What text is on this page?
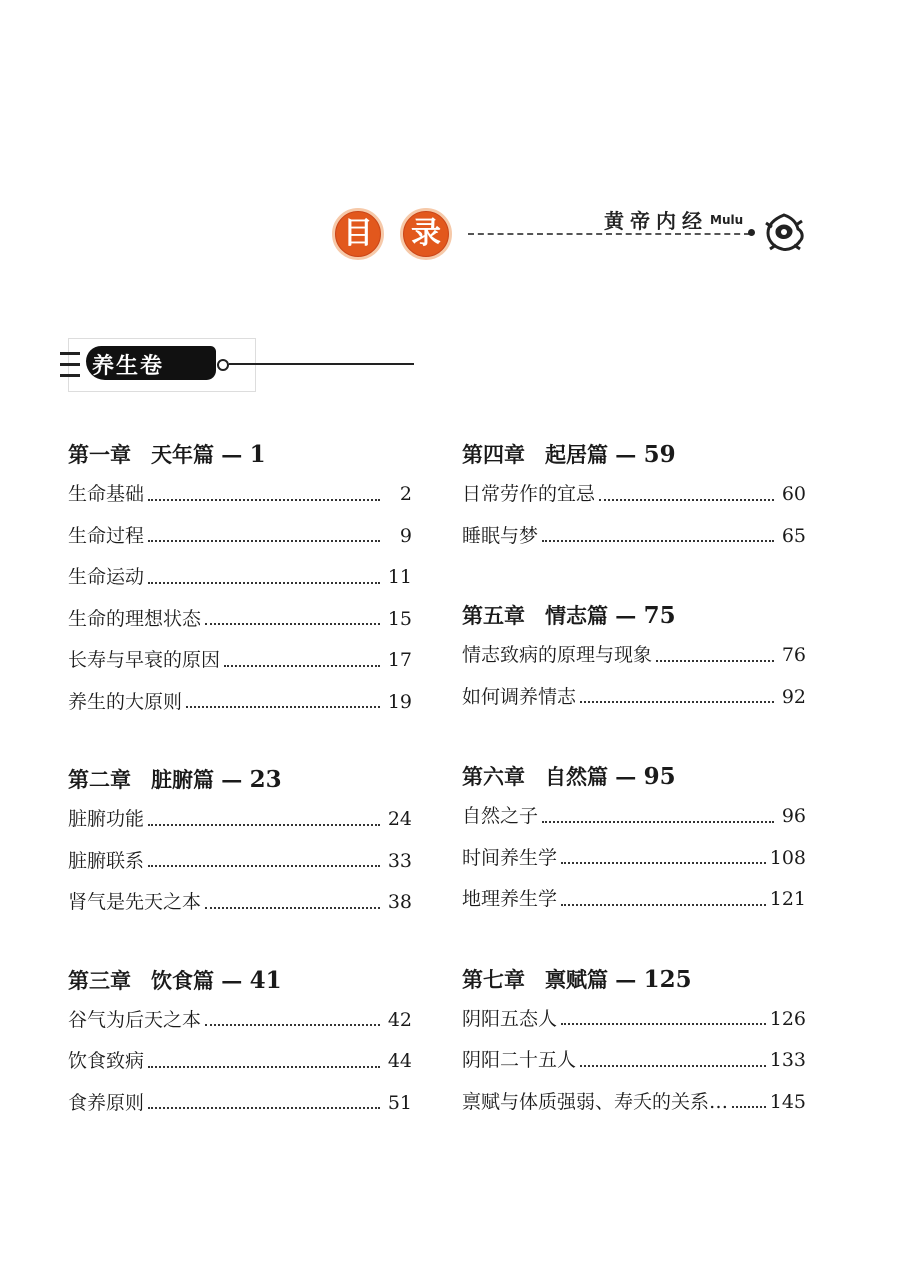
目	录	黄帝内经 Mulu
养生卷
第一章 天年篇 — 1
生命基础	2
生命过程	9
生命运动	11
生命的理想状态	15
长寿与早衰的原因	17
养生的大原则	19
第二章 脏腑篇 — 23
脏腑功能	24
脏腑联系	33
肾气是先天之本	38
第三章 饮食篇 — 41
谷气为后天之本	42
饮食致病	44
食养原则	51
第四章 起居篇 — 59
日常劳作的宜忌	60
睡眠与梦	65
第五章 情志篇 — 75
情志致病的原理与现象	76
如何调养情志	92
第六章 自然篇 — 95
自然之子	96
时间养生学	108
地理养生学	121
第七章 禀赋篇 — 125
阴阳五态人	126
阴阳二十五人	133
禀赋与体质强弱、寿夭的关系… 145
